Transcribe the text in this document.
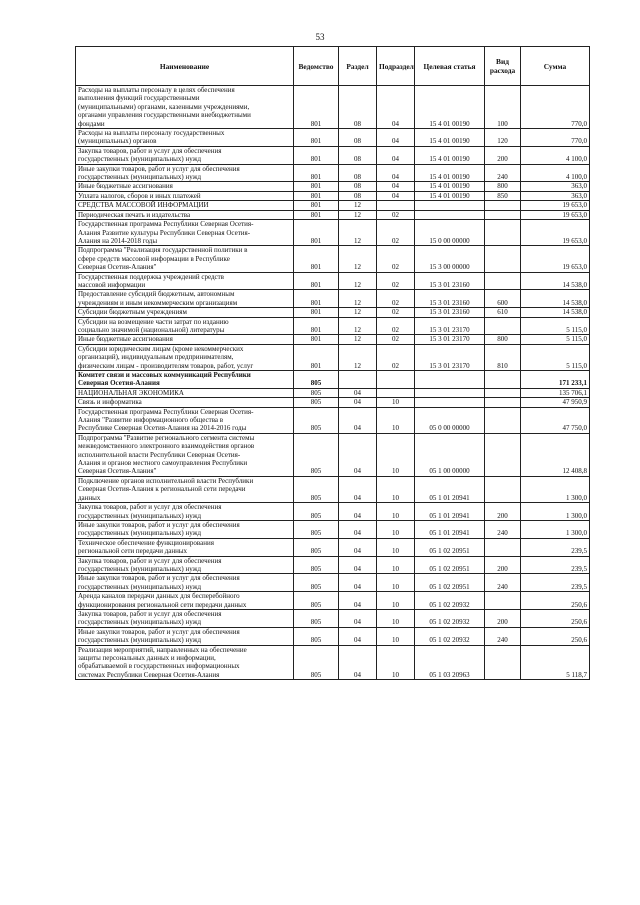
53
Наименование	Ведомство	Раздел	Подраздел	Целевая статья	Вид расхода	Сумма

Расходы на выплаты персоналу в целях обеспечения
выполнения функций государственными
(муниципальными) органами, казенными учреждениями,
органами управления государственными внебюджетными
фондами	801	08	04	15 4 01 00190	100	770,0

Расходы на выплаты персоналу государственных
(муниципальных) органов	801	08	04	15 4 01 00190	120	770,0

Закупка товаров, работ и услуг для обеспечения
государственных (муниципальных) нужд	801	08	04	15 4 01 00190	200	4 100,0

Иные закупки товаров, работ и услуг для обеспечения
государственных (муниципальных) нужд	801	08	04	15 4 01 00190	240	4 100,0

Иные бюджетные ассигнования	801	08	04	15 4 01 00190	800	363,0

Уплата налогов, сборов и иных платежей	801	08	04	15 4 01 00190	850	363,0

СРЕДСТВА МАССОВОЙ ИНФОРМАЦИИ	801	12				19 653,0

Периодическая печать и издательства	801	12	02			19 653,0

Государственная программа Республики Северная Осетия-
Алания Развитие культуры Республики Северная Осетия-
Алания на 2014-2018 годы	801	12	02	15 0 00 00000		19 653,0

Подпрограмма "Реализация государственной политики в
сфере средств массовой информации в Республике
Северная Осетия-Алания"	801	12	02	15 3 00 00000		19 653,0

Государственная поддержка учреждений средств
массовой информации	801	12	02	15 3 01 23160		14 538,0

Предоставление субсидий бюджетным, автономным
учреждениям и иным некоммерческим организациям	801	12	02	15 3 01 23160	600	14 538,0

Субсидии бюджетным учреждениям	801	12	02	15 3 01 23160	610	14 538,0

Субсидии на возмещение части затрат по изданию
социально значимой (национальной) литературы	801	12	02	15 3 01 23170		5 115,0

Иные бюджетные ассигнования	801	12	02	15 3 01 23170	800	5 115,0

Субсидии юридическим лицам (кроме некоммерческих
организаций), индивидуальным предпринимателям,
физическим лицам - производителям товаров, работ, услуг	801	12	02	15 3 01 23170	810	5 115,0

Комитет связи и массовых коммуникаций Республики
Северная Осетия-Алания	805					171 233,1

НАЦИОНАЛЬНАЯ ЭКОНОМИКА	805	04				135 706,1

Связь и информатика	805	04	10			47 950,9

Государственная программа Республики Северная Осетия-
Алания "Развитие информационного общества в
Республике Северная Осетия-Алания на 2014-2016 годы	805	04	10	05 0 00 00000		47 750,0

Подпрограмма "Развитие регионального сегмента системы
межведомственного электронного взаимодействия органов
исполнительной власти Республики Северная Осетия-
Алания и органов местного самоуправления Республики
Северная Осетия-Алания"	805	04	10	05 1 00 00000		12 408,8

Подключение органов исполнительной власти Республики
Северная Осетия-Алания к региональной сети передачи
данных	805	04	10	05 1 01 20941		1 300,0

Закупка товаров, работ и услуг для обеспечения
государственных (муниципальных) нужд	805	04	10	05 1 01 20941	200	1 300,0

Иные закупки товаров, работ и услуг для обеспечения
государственных (муниципальных) нужд	805	04	10	05 1 01 20941	240	1 300,0

Техническое обеспечение функционирования
региональной сети передачи данных	805	04	10	05 1 02 20951		239,5

Закупка товаров, работ и услуг для обеспечения
государственных (муниципальных) нужд	805	04	10	05 1 02 20951	200	239,5

Иные закупки товаров, работ и услуг для обеспечения
государственных (муниципальных) нужд	805	04	10	05 1 02 20951	240	239,5

Аренда каналов передачи данных для бесперебойного
функционирования региональной сети передачи данных	805	04	10	05 1 02 20932		250,6

Закупка товаров, работ и услуг для обеспечения
государственных (муниципальных) нужд	805	04	10	05 1 02 20932	200	250,6

Иные закупки товаров, работ и услуг для обеспечения
государственных (муниципальных) нужд	805	04	10	05 1 02 20932	240	250,6

Реализация мероприятий, направленных на обеспечение
защиты персональных данных и информации,
обрабатываемой в государственных информационных
системах Республики Северная Осетия-Алания	805	04	10	05 1 03 20963		5 118,7
